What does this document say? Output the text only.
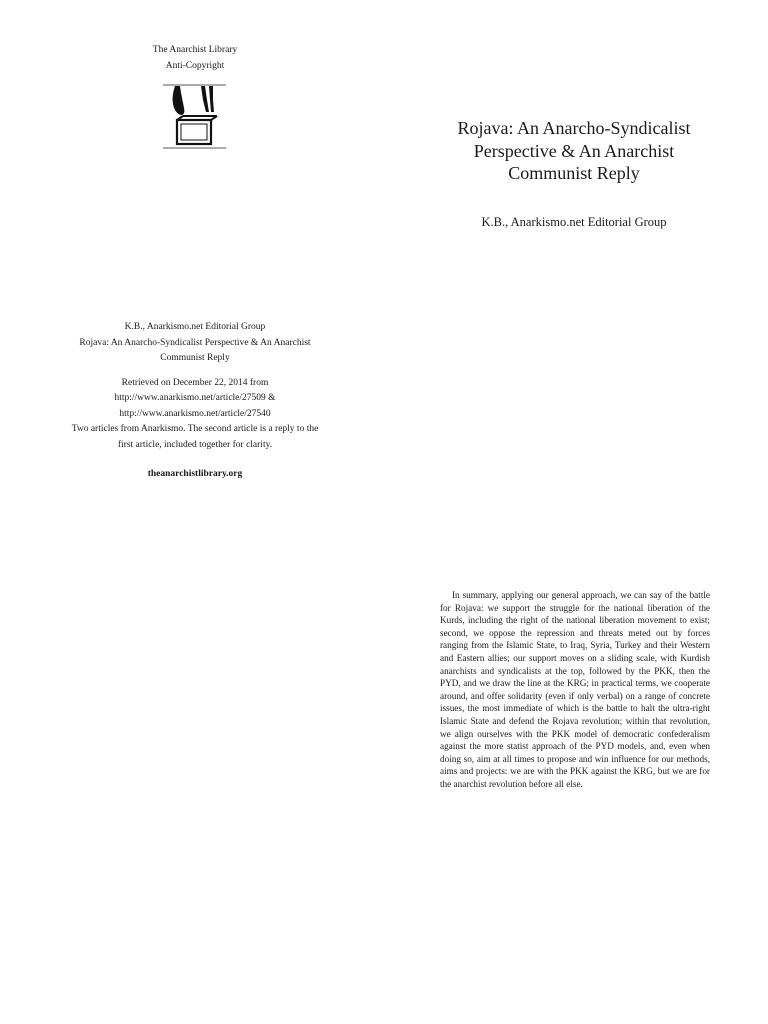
The Anarchist Library
Anti-Copyright
K.B., Anarkismo.net Editorial Group
Rojava: An Anarcho-Syndicalist Perspective & An Anarchist
Communist Reply
Retrieved on December 22, 2014 from
http://www.anarkismo.net/article/27509 &
http://www.anarkismo.net/article/27540
Two articles from Anarkismo. The second article is a reply to the
first article, included together for clarity.
theanarchistlibrary.org
Rojava: An Anarcho-Syndicalist
Perspective & An Anarchist
Communist Reply
K.B., Anarkismo.net Editorial Group
In summary, applying our general approach, we can say of the battle for Rojava: we support the struggle for the national liberation of the Kurds, including the right of the national liberation movement to exist; second, we oppose the repression and threats meted out by forces ranging from the Islamic State, to Iraq, Syria, Turkey and their Western and Eastern allies; our support moves on a sliding scale, with Kurdish anarchists and syndicalists at the top, followed by the PKK, then the PYD, and we draw the line at the KRG; in practical terms, we cooperate around, and offer solidarity (even if only verbal) on a range of concrete issues, the most immediate of which is the battle to halt the ultra-right Islamic State and defend the Rojava revolution; within that revolution, we align ourselves with the PKK model of democratic confederalism against the more statist approach of the PYD models, and, even when doing so, aim at all times to propose and win influence for our methods, aims and projects: we are with the PKK against the KRG, but we are for the anarchist revolution before all else.
